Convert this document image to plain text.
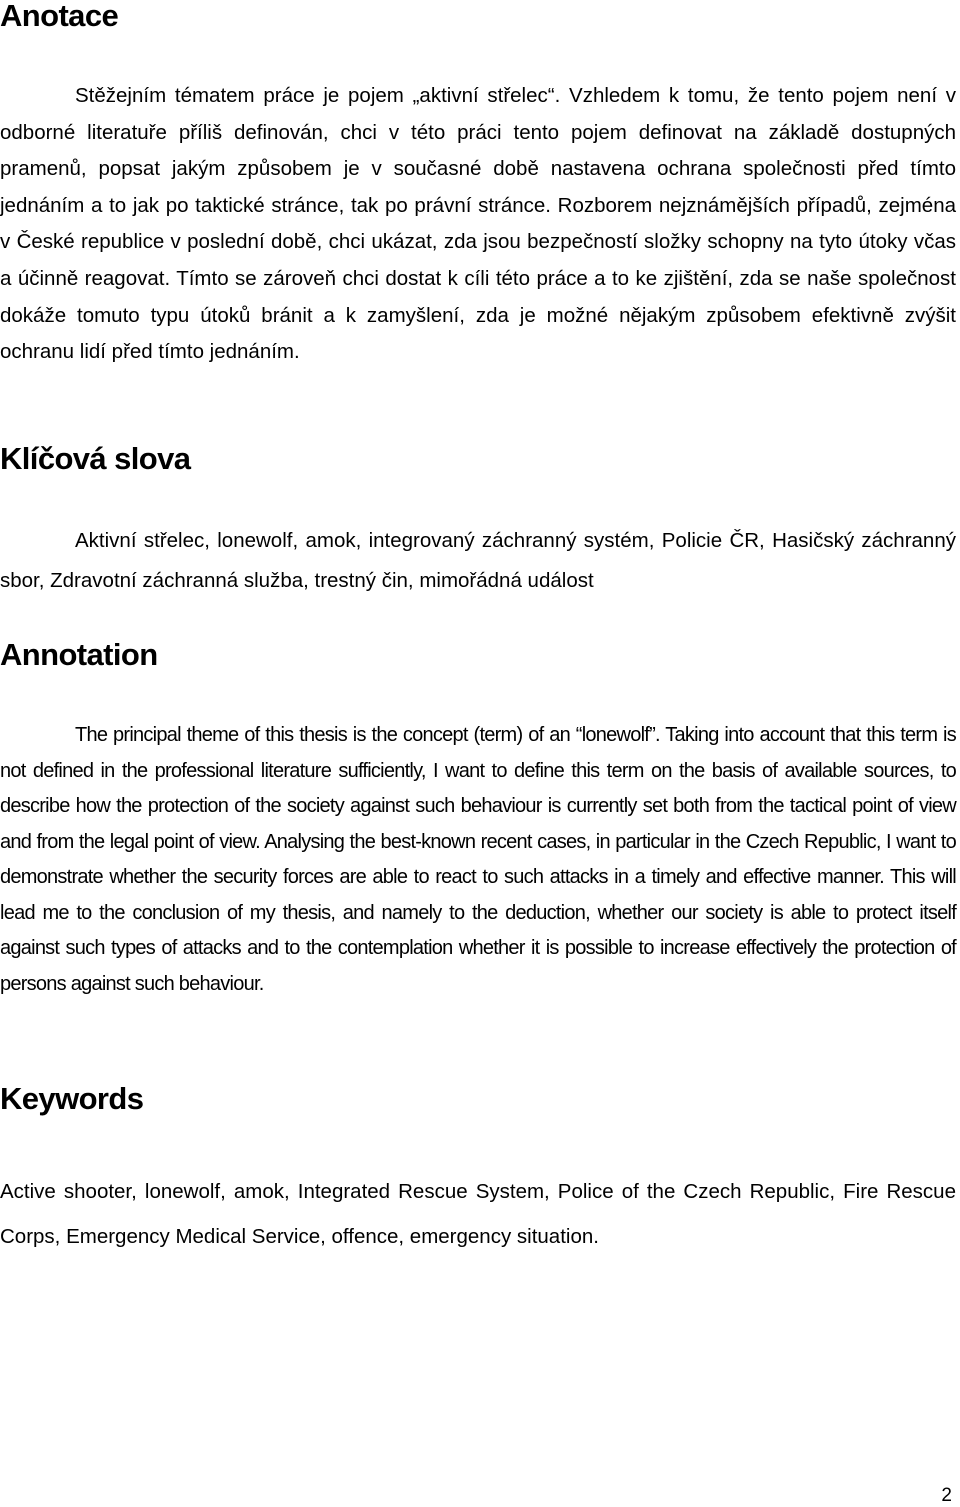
Anotace

Stěžejním tématem práce je pojem „aktivní střelec“. Vzhledem k tomu, že tento pojem není v odborné literatuře příliš definován, chci v této práci tento pojem definovat na základě dostupných pramenů, popsat jakým způsobem je v současné době nastavena ochrana společnosti před tímto jednáním a to jak po taktické stránce, tak po právní stránce. Rozborem nejznámějších případů, zejména v České republice v poslední době, chci ukázat, zda jsou bezpečností složky schopny na tyto útoky včas a účinně reagovat. Tímto se zároveň chci dostat k cíli této práce a to ke zjištění, zda se naše společnost dokáže tomuto typu útoků bránit a k zamyšlení, zda je možné nějakým způsobem efektivně zvýšit ochranu lidí před tímto jednáním.

Klíčová slova

Aktivní střelec, lonewolf, amok, integrovaný záchranný systém, Policie ČR, Hasičský záchranný sbor, Zdravotní záchranná služba, trestný čin, mimořádná událost

Annotation

The principal theme of this thesis is the concept (term) of an “lonewolf”. Taking into account that this term is not defined in the professional literature sufficiently, I want to define this term on the basis of available sources, to describe how the protection of the society against such behaviour is currently set both from the tactical point of view and from the legal point of view. Analysing the best-known recent cases, in particular in the Czech Republic, I want to demonstrate whether the security forces are able to react to such attacks in a timely and effective manner. This will lead me to the conclusion of my thesis, and namely to the deduction, whether our society is able to protect itself against such types of attacks and to the contemplation whether it is possible to increase effectively the protection of persons against such behaviour.

Keywords

Active shooter, lonewolf, amok, Integrated Rescue System, Police of the Czech Republic, Fire Rescue Corps, Emergency Medical Service, offence, emergency situation.

2
